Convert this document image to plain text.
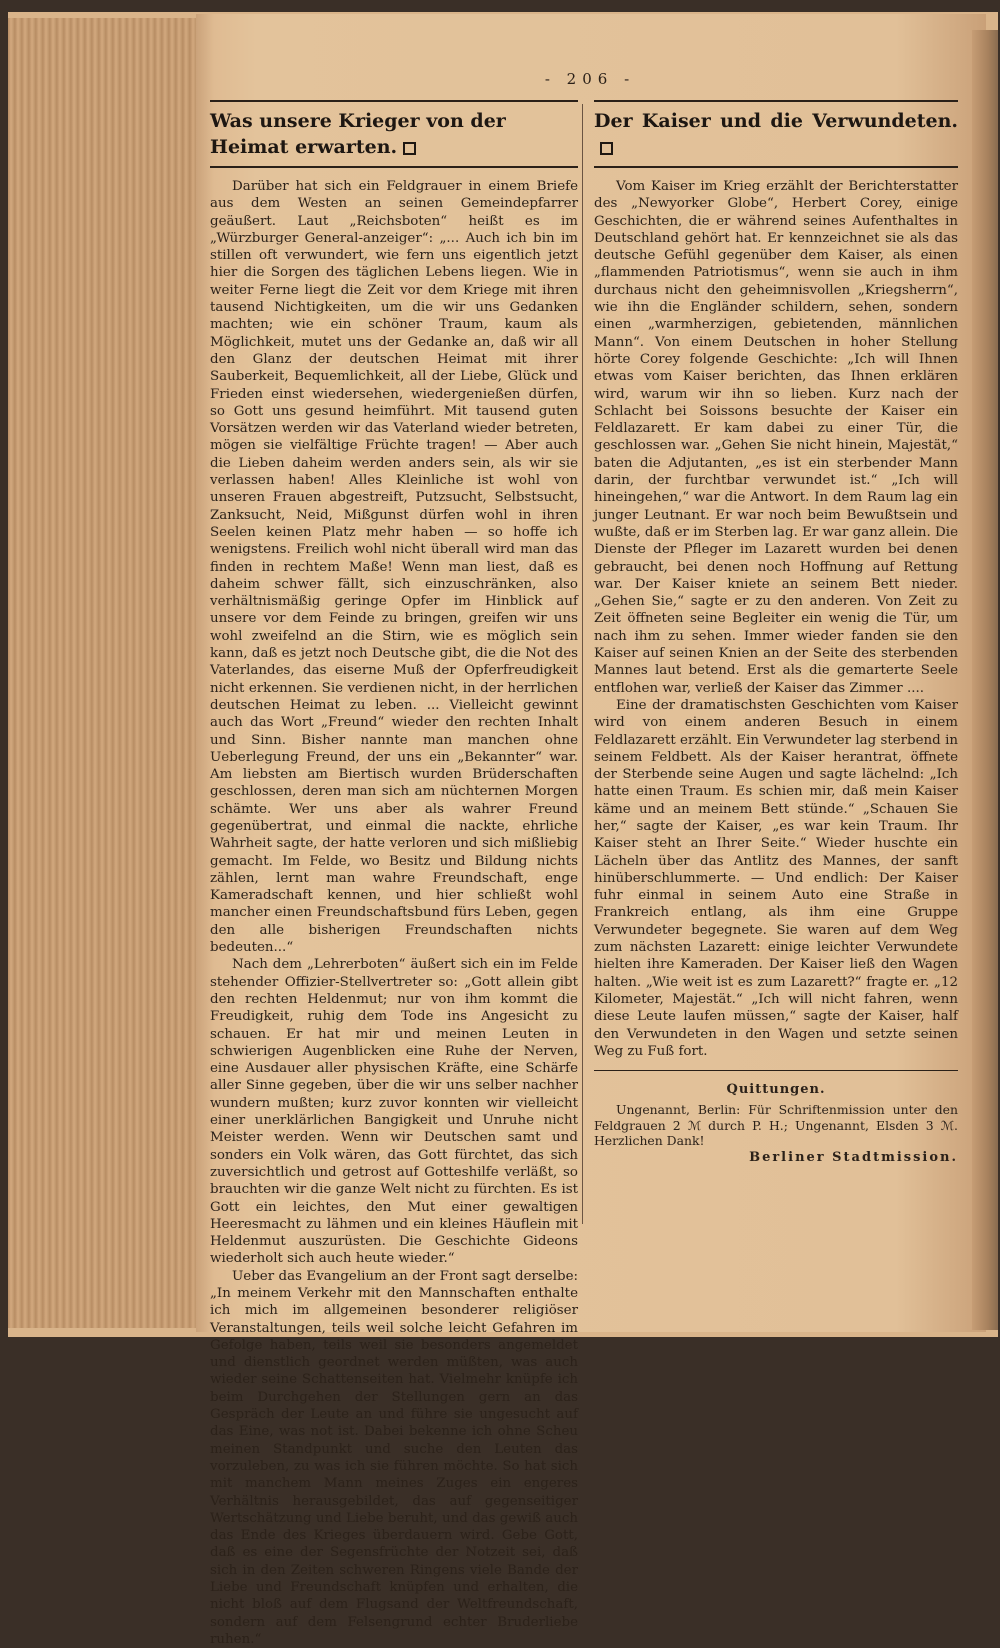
- 206 -
Was unsere Krieger von der Heimat erwarten.

Darüber hat sich ein Feldgrauer in einem Briefe aus dem Westen an seinen Gemeindepfarrer geäußert. Laut „Reichsboten“ heißt es im „Würzburger General-anzeiger“: „... Auch ich bin im stillen oft verwundert, wie fern uns eigentlich jetzt hier die Sorgen des täglichen Lebens liegen. Wie in weiter Ferne liegt die Zeit vor dem Kriege mit ihren tausend Nichtigkeiten, um die wir uns Gedanken machten; wie ein schöner Traum, kaum als Möglichkeit, mutet uns der Gedanke an, daß wir all den Glanz der deutschen Heimat mit ihrer Sauberkeit, Bequemlichkeit, all der Liebe, Glück und Frieden einst wiedersehen, wiedergenießen dürfen, so Gott uns gesund heimführt. Mit tausend guten Vorsätzen werden wir das Vaterland wieder betreten, mögen sie vielfältige Früchte tragen! — Aber auch die Lieben daheim werden anders sein, als wir sie verlassen haben! Alles Kleinliche ist wohl von unseren Frauen abgestreift, Putzsucht, Selbstsucht, Zanksucht, Neid, Mißgunst dürfen wohl in ihren Seelen keinen Platz mehr haben — so hoffe ich wenigstens. Freilich wohl nicht überall wird man das finden in rechtem Maße! Wenn man liest, daß es daheim schwer fällt, sich einzuschränken, also verhältnismäßig geringe Opfer im Hinblick auf unsere vor dem Feinde zu bringen, greifen wir uns wohl zweifelnd an die Stirn, wie es möglich sein kann, daß es jetzt noch Deutsche gibt, die die Not des Vaterlandes, das eiserne Muß der Opferfreudigkeit nicht erkennen. Sie verdienen nicht, in der herrlichen deutschen Heimat zu leben. ... Vielleicht gewinnt auch das Wort „Freund“ wieder den rechten Inhalt und Sinn. Bisher nannte man manchen ohne Ueberlegung Freund, der uns ein „Bekannter“ war. Am liebsten am Biertisch wurden Brüderschaften geschlossen, deren man sich am nüchternen Morgen schämte. Wer uns aber als wahrer Freund gegenübertrat, und einmal die nackte, ehrliche Wahrheit sagte, der hatte verloren und sich mißliebig gemacht. Im Felde, wo Besitz und Bildung nichts zählen, lernt man wahre Freundschaft, enge Kameradschaft kennen, und hier schließt wohl mancher einen Freundschaftsbund fürs Leben, gegen den alle bisherigen Freundschaften nichts bedeuten...“

Nach dem „Lehrerboten“ äußert sich ein im Felde stehender Offizier-Stellvertreter so: „Gott allein gibt den rechten Heldenmut; nur von ihm kommt die Freudigkeit, ruhig dem Tode ins Angesicht zu schauen. Er hat mir und meinen Leuten in schwierigen Augenblicken eine Ruhe der Nerven, eine Ausdauer aller physischen Kräfte, eine Schärfe aller Sinne gegeben, über die wir uns selber nachher wundern mußten; kurz zuvor konnten wir vielleicht einer unerklärlichen Bangigkeit und Unruhe nicht Meister werden. Wenn wir Deutschen samt und sonders ein Volk wären, das Gott fürchtet, das sich zuversichtlich und getrost auf Gotteshilfe verläßt, so brauchten wir die ganze Welt nicht zu fürchten. Es ist Gott ein leichtes, den Mut einer gewaltigen Heeresmacht zu lähmen und ein kleines Häuflein mit Heldenmut auszurüsten. Die Geschichte Gideons wiederholt sich auch heute wieder.“

Ueber das Evangelium an der Front sagt derselbe: „In meinem Verkehr mit den Mannschaften enthalte ich mich im allgemeinen besonderer religiöser Veranstaltungen, teils weil solche leicht Gefahren im Gefolge haben, teils weil sie besonders angemeldet und dienstlich geordnet werden müßten, was auch wieder seine Schattenseiten hat. Vielmehr knüpfe ich beim Durchgehen der Stellungen gern an das Gespräch der Leute an und führe sie ungesucht auf das Eine, was not ist. Dabei bekenne ich ohne Scheu meinen Standpunkt und suche den Leuten das vorzuleben, zu was ich sie führen möchte. So hat sich mit manchem Mann meines Zuges ein engeres Verhältnis herausgebildet, das auf gegenseitiger Wertschätzung und Liebe beruht, und das gewiß auch das Ende des Krieges überdauern wird. Gebe Gott, daß es eine der Segensfrüchte der Notzeit sei, daß sich in den Zeiten schweren Ringens viele Bande der Liebe und Freundschaft knüpfen und erhalten, die nicht bloß auf dem Flugsand der Weltfreundschaft, sondern auf dem Felsengrund echter Bruderliebe ruhen.“

Der Kaiser und die Verwundeten.

Vom Kaiser im Krieg erzählt der Berichterstatter des „Newyorker Globe“, Herbert Corey, einige Geschichten, die er während seines Aufenthaltes in Deutschland gehört hat. Er kennzeichnet sie als das deutsche Gefühl gegenüber dem Kaiser, als einen „flammenden Patriotismus“, wenn sie auch in ihm durchaus nicht den geheimnisvollen „Kriegsherrn“, wie ihn die Engländer schildern, sehen, sondern einen „warmherzigen, gebietenden, männlichen Mann“. Von einem Deutschen in hoher Stellung hörte Corey folgende Geschichte: „Ich will Ihnen etwas vom Kaiser berichten, das Ihnen erklären wird, warum wir ihn so lieben. Kurz nach der Schlacht bei Soissons besuchte der Kaiser ein Feldlazarett. Er kam dabei zu einer Tür, die geschlossen war. „Gehen Sie nicht hinein, Majestät,“ baten die Adjutanten, „es ist ein sterbender Mann darin, der furchtbar verwundet ist.“ „Ich will hineingehen,“ war die Antwort. In dem Raum lag ein junger Leutnant. Er war noch beim Bewußtsein und wußte, daß er im Sterben lag. Er war ganz allein. Die Dienste der Pfleger im Lazarett wurden bei denen gebraucht, bei denen noch Hoffnung auf Rettung war. Der Kaiser kniete an seinem Bett nieder. „Gehen Sie,“ sagte er zu den anderen. Von Zeit zu Zeit öffneten seine Begleiter ein wenig die Tür, um nach ihm zu sehen. Immer wieder fanden sie den Kaiser auf seinen Knien an der Seite des sterbenden Mannes laut betend. Erst als die gemarterte Seele entflohen war, verließ der Kaiser das Zimmer ....

Eine der dramatischsten Geschichten vom Kaiser wird von einem anderen Besuch in einem Feldlazarett erzählt. Ein Verwundeter lag sterbend in seinem Feldbett. Als der Kaiser herantrat, öffnete der Sterbende seine Augen und sagte lächelnd: „Ich hatte einen Traum. Es schien mir, daß mein Kaiser käme und an meinem Bett stünde.“ „Schauen Sie her,“ sagte der Kaiser, „es war kein Traum. Ihr Kaiser steht an Ihrer Seite.“ Wieder huschte ein Lächeln über das Antlitz des Mannes, der sanft hinüberschlummerte. — Und endlich: Der Kaiser fuhr einmal in seinem Auto eine Straße in Frankreich entlang, als ihm eine Gruppe Verwundeter begegnete. Sie waren auf dem Weg zum nächsten Lazarett: einige leichter Verwundete hielten ihre Kameraden. Der Kaiser ließ den Wagen halten. „Wie weit ist es zum Lazarett?“ fragte er. „12 Kilometer, Majestät.“ „Ich will nicht fahren, wenn diese Leute laufen müssen,“ sagte der Kaiser, half den Verwundeten in den Wagen und setzte seinen Weg zu Fuß fort.

Quittungen.

Ungenannt, Berlin: Für Schriftenmission unter den Feldgrauen 2 ℳ durch P. H.; Ungenannt, Elsden 3 ℳ. Herzlichen Dank!

Berliner Stadtmission.
